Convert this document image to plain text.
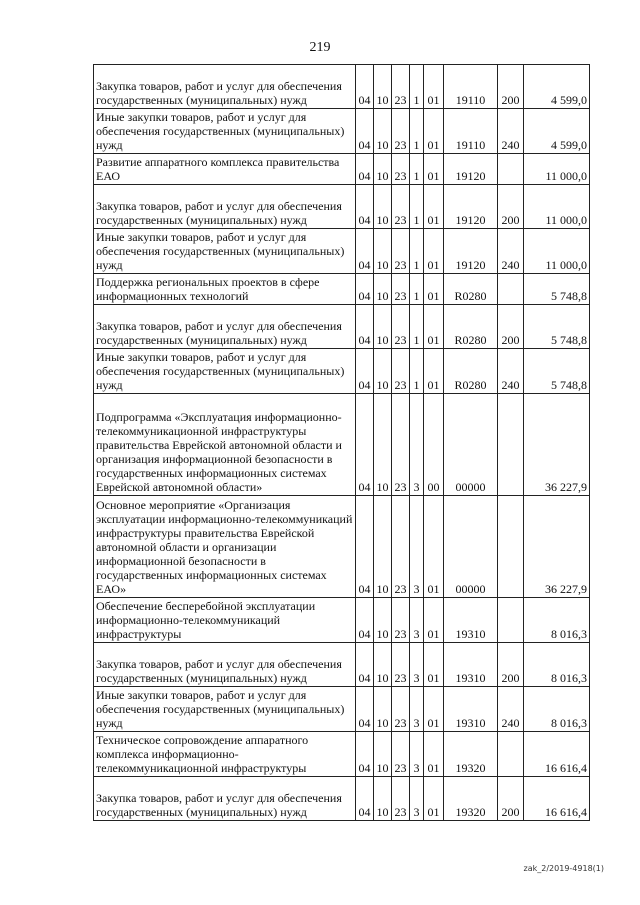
219
Закупка товаров, работ и услуг для обеспечения государственных (муниципальных) нужд	04	10	23	1	01	19110	200	4 599,0
Иные закупки товаров, работ и услуг для обеспечения государственных (муниципальных) нужд	04	10	23	1	01	19110	240	4 599,0
Развитие аппаратного комплекса правительства ЕАО	04	10	23	1	01	19120		11 000,0
Закупка товаров, работ и услуг для обеспечения государственных (муниципальных) нужд	04	10	23	1	01	19120	200	11 000,0
Иные закупки товаров, работ и услуг для обеспечения государственных (муниципальных) нужд	04	10	23	1	01	19120	240	11 000,0
Поддержка региональных проектов в сфере информационных технологий	04	10	23	1	01	R0280		5 748,8
Закупка товаров, работ и услуг для обеспечения государственных (муниципальных) нужд	04	10	23	1	01	R0280	200	5 748,8
Иные закупки товаров, работ и услуг для обеспечения государственных (муниципальных) нужд	04	10	23	1	01	R0280	240	5 748,8
Подпрограмма «Эксплуатация информационно-телекоммуникационной инфраструктуры правительства Еврейской автономной области и организация информационной безопасности в государственных информационных системах Еврейской автономной области»	04	10	23	3	00	00000		36 227,9
Основное мероприятие «Организация эксплуатации информационно-телекоммуникаций инфраструктуры правительства Еврейской автономной области и организации информационной безопасности в государственных информационных системах ЕАО»	04	10	23	3	01	00000		36 227,9
Обеспечение бесперебойной эксплуатации информационно-телекоммуникаций инфраструктуры	04	10	23	3	01	19310		8 016,3
Закупка товаров, работ и услуг для обеспечения государственных (муниципальных) нужд	04	10	23	3	01	19310	200	8 016,3
Иные закупки товаров, работ и услуг для обеспечения государственных (муниципальных) нужд	04	10	23	3	01	19310	240	8 016,3
Техническое сопровождение аппаратного комплекса информационно-телекоммуникационной инфраструктуры	04	10	23	3	01	19320		16 616,4
Закупка товаров, работ и услуг для обеспечения государственных (муниципальных) нужд	04	10	23	3	01	19320	200	16 616,4
zak_2/2019-4918(1)
